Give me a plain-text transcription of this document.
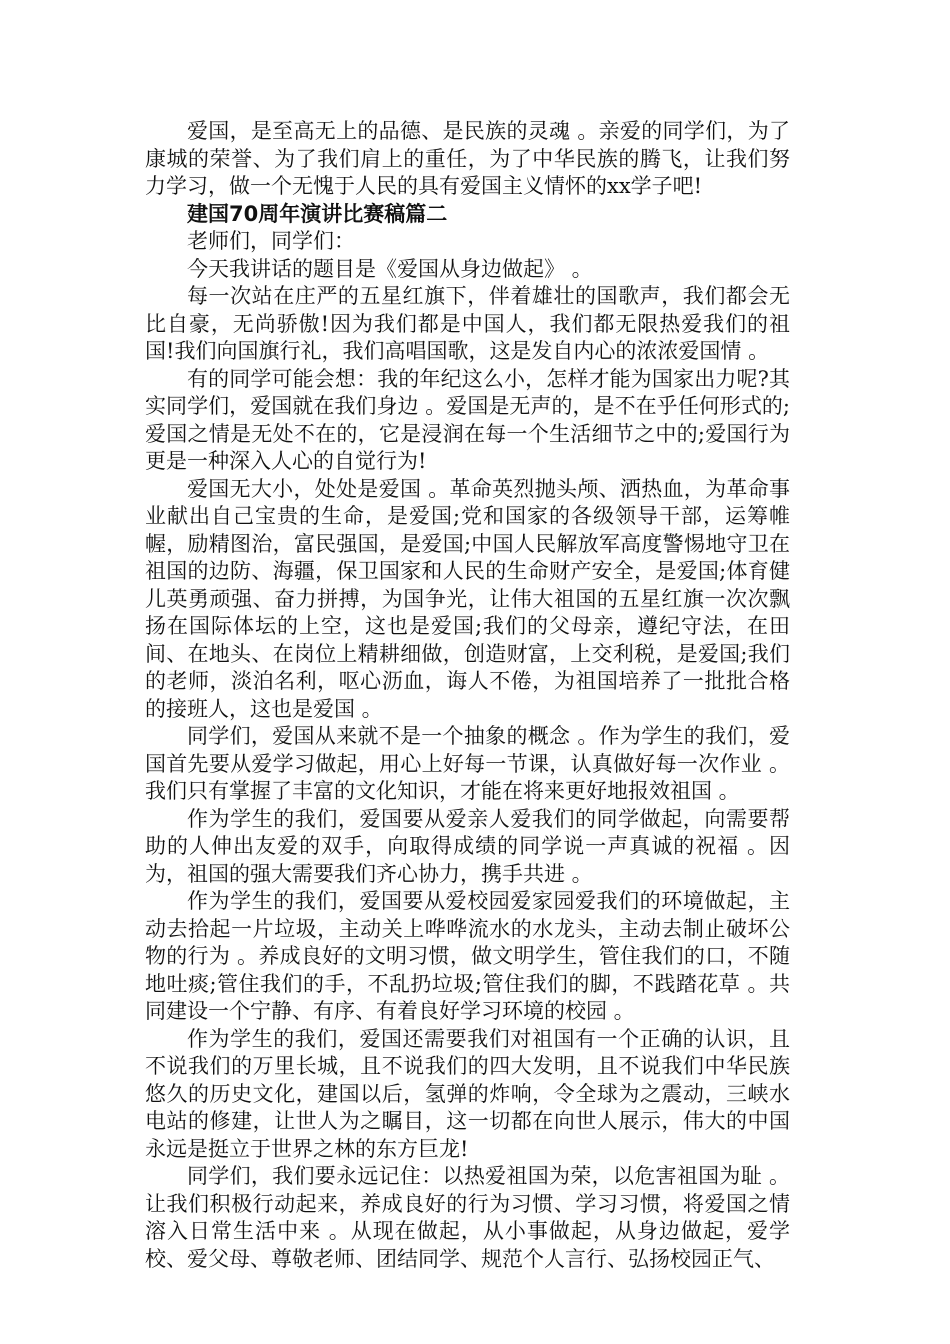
爱国，是至高无上的品德、是民族的灵魂 。亲爱的同学们，为了康城的荣誉、为了我们肩上的重任，为了中华民族的腾飞，让我们努力学习，做一个无愧于人民的具有爱国主义情怀的xx学子吧!

建国70周年演讲比赛稿篇二

老师们，同学们：

今天我讲话的题目是《爱国从身边做起》 。

每一次站在庄严的五星红旗下，伴着雄壮的国歌声，我们都会无比自豪，无尚骄傲!因为我们都是中国人，我们都无限热爱我们的祖国!我们向国旗行礼，我们高唱国歌，这是发自内心的浓浓爱国情 。

有的同学可能会想：我的年纪这么小，怎样才能为国家出力呢?其实同学们，爱国就在我们身边 。爱国是无声的，是不在乎任何形式的;爱国之情是无处不在的，它是浸润在每一个生活细节之中的;爱国行为更是一种深入人心的自觉行为!

爱国无大小，处处是爱国 。革命英烈抛头颅、洒热血，为革命事业献出自己宝贵的生命，是爱国;党和国家的各级领导干部，运筹帷幄，励精图治，富民强国，是爱国;中国人民解放军高度警惕地守卫在祖国的边防、海疆，保卫国家和人民的生命财产安全，是爱国;体育健儿英勇顽强、奋力拼搏，为国争光，让伟大祖国的五星红旗一次次飘扬在国际体坛的上空，这也是爱国;我们的父母亲，遵纪守法，在田间、在地头、在岗位上精耕细做，创造财富，上交利税，是爱国;我们的老师，淡泊名利，呕心沥血，诲人不倦，为祖国培养了一批批合格的接班人，这也是爱国 。

同学们，爱国从来就不是一个抽象的概念 。作为学生的我们，爱国首先要从爱学习做起，用心上好每一节课，认真做好每一次作业 。我们只有掌握了丰富的文化知识，才能在将来更好地报效祖国 。

作为学生的我们，爱国要从爱亲人爱我们的同学做起，向需要帮助的人伸出友爱的双手，向取得成绩的同学说一声真诚的祝福 。因为，祖国的强大需要我们齐心协力，携手共进 。

作为学生的我们，爱国要从爱校园爱家园爱我们的环境做起，主动去拾起一片垃圾，主动关上哗哗流水的水龙头，主动去制止破坏公物的行为 。养成良好的文明习惯，做文明学生，管住我们的口，不随地吐痰;管住我们的手，不乱扔垃圾;管住我们的脚，不践踏花草 。共同建设一个宁静、有序、有着良好学习环境的校园 。

作为学生的我们，爱国还需要我们对祖国有一个正确的认识，且不说我们的万里长城，且不说我们的四大发明，且不说我们中华民族悠久的历史文化，建国以后，氢弹的炸响，令全球为之震动，三峡水电站的修建，让世人为之瞩目，这一切都在向世人展示，伟大的中国永远是挺立于世界之林的东方巨龙!

同学们，我们要永远记住：以热爱祖国为荣，以危害祖国为耻 。让我们积极行动起来，养成良好的行为习惯、学习习惯，将爱国之情溶入日常生活中来 。从现在做起，从小事做起，从身边做起，爱学校、爱父母、尊敬老师、团结同学、规范个人言行、弘扬校园正气、
